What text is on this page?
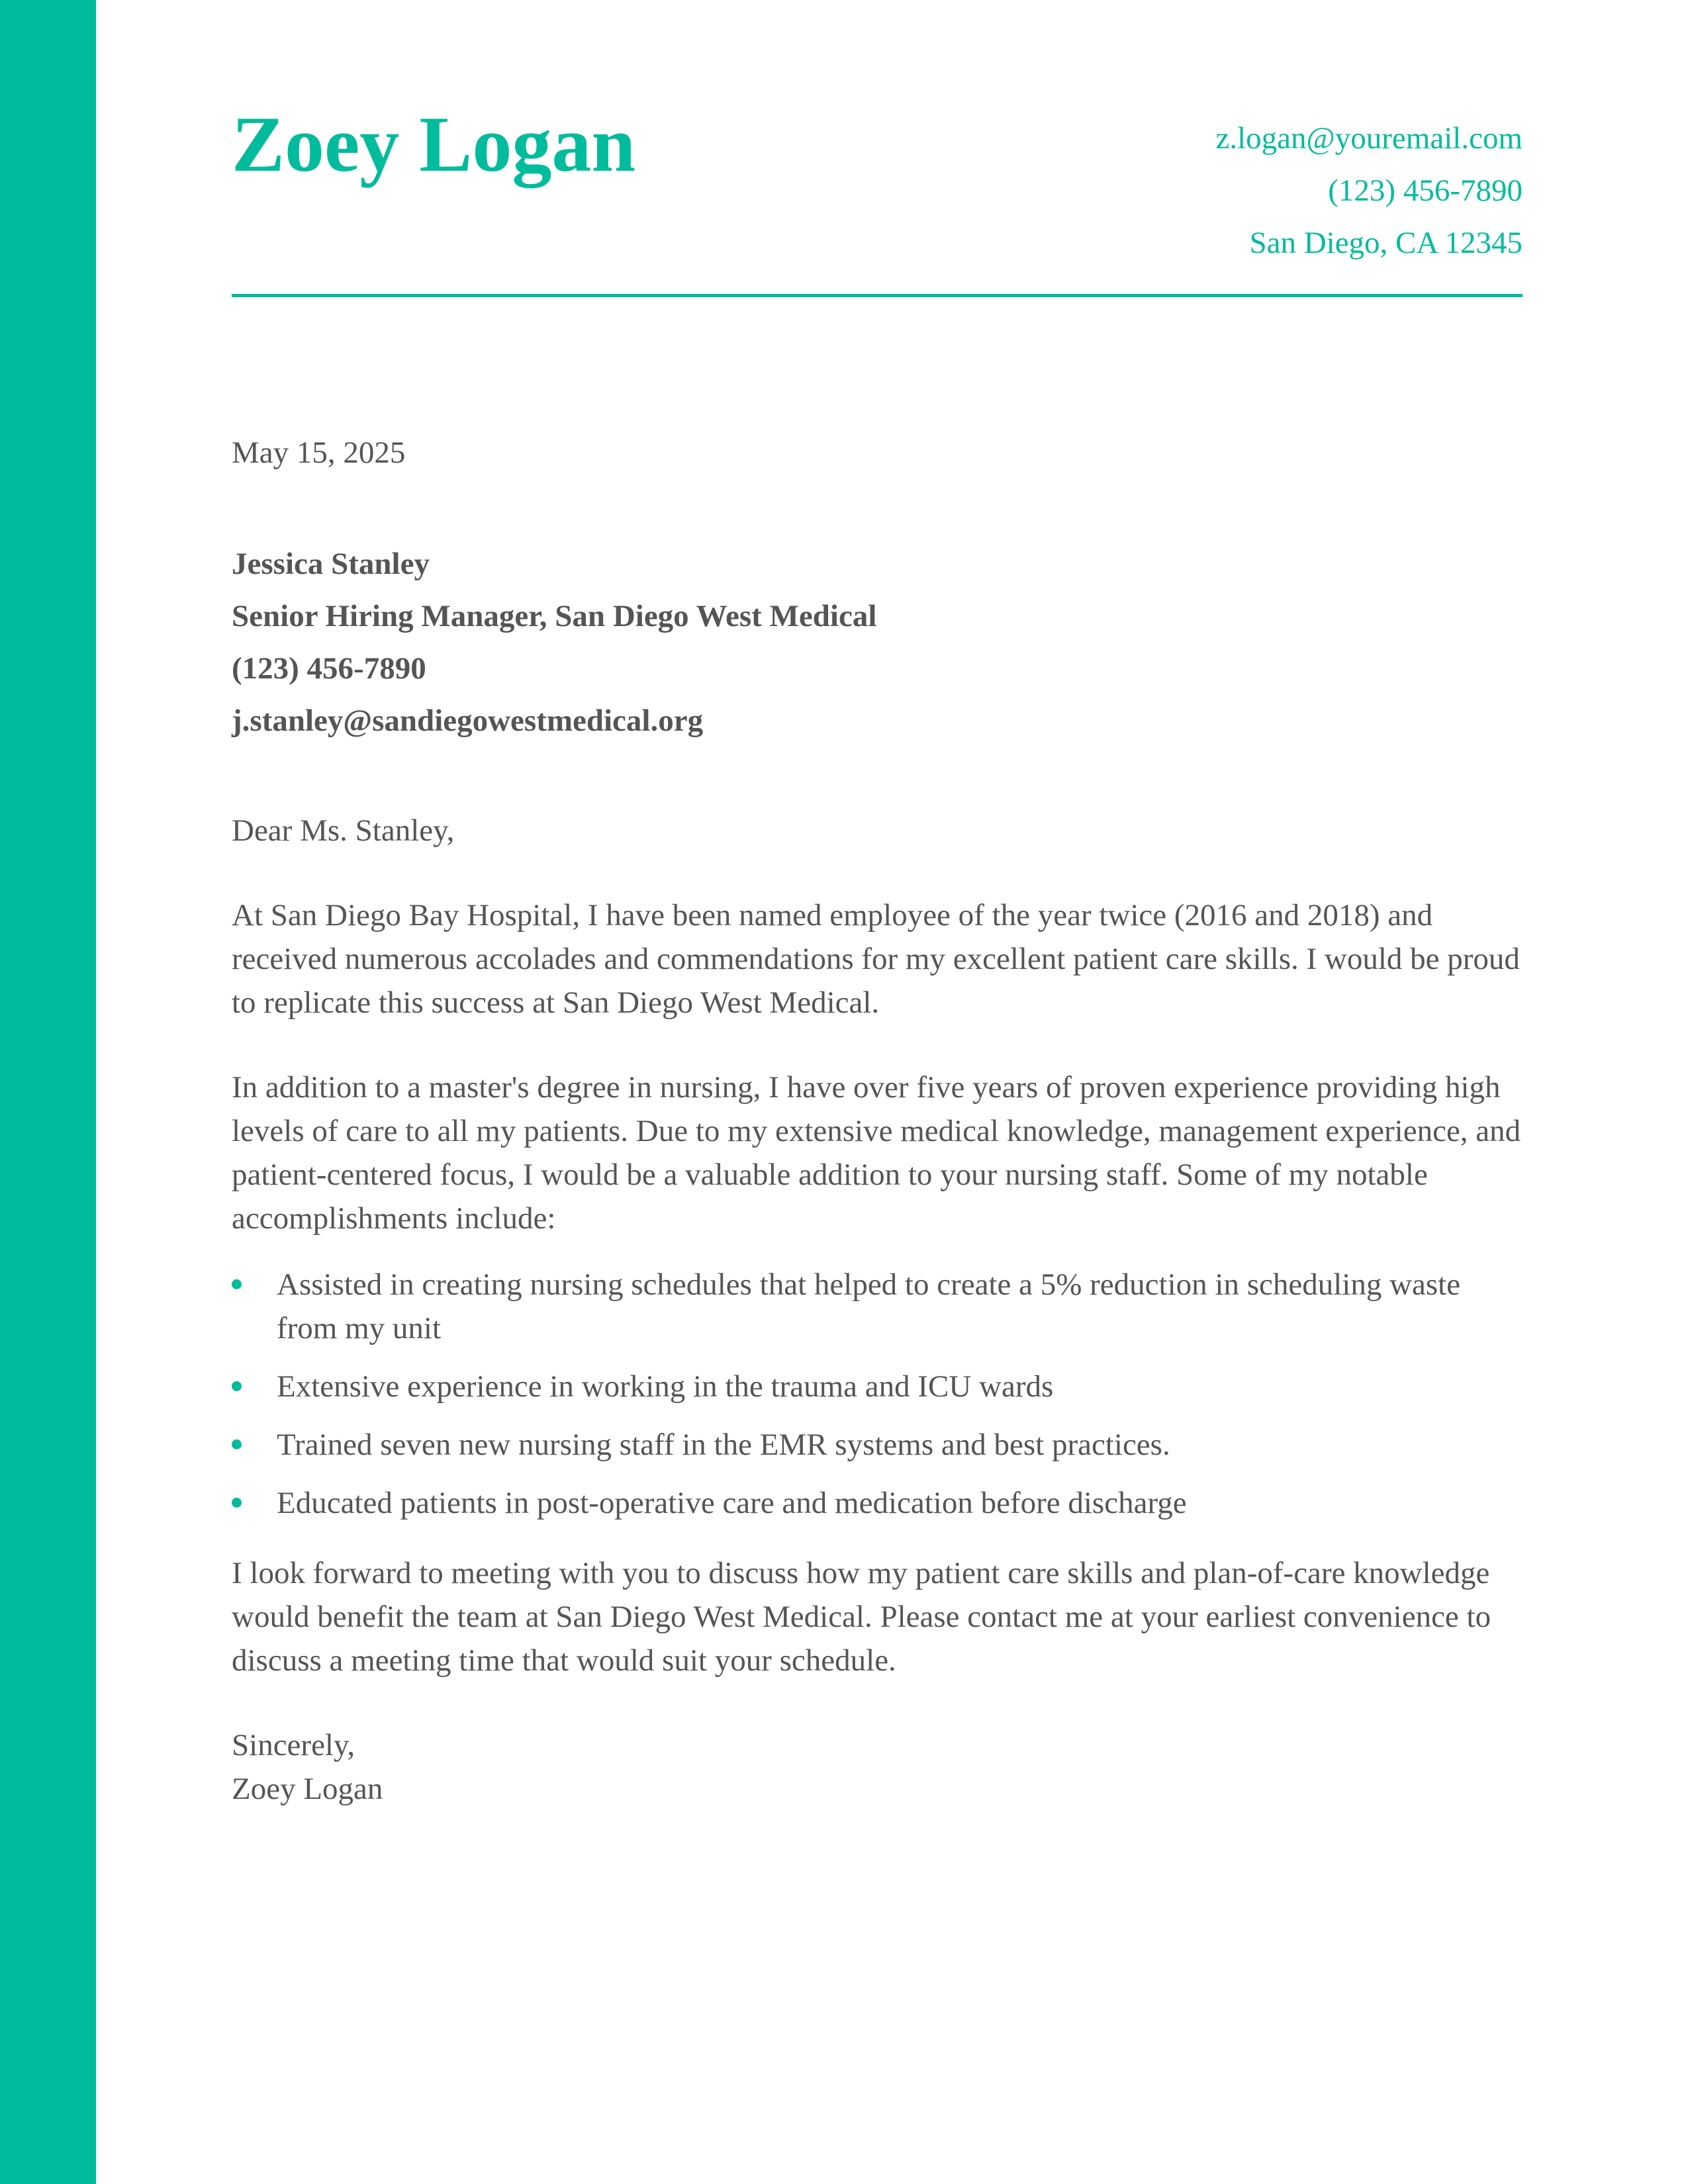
Zoey Logan	z.logan@youremail.com
(123) 456-7890
San Diego, CA 12345
May 15, 2025
Jessica Stanley
Senior Hiring Manager, San Diego West Medical
(123) 456-7890
j.stanley@sandiegowestmedical.org
Dear Ms. Stanley,

At San Diego Bay Hospital, I have been named employee of the year twice (2016 and 2018) and received numerous accolades and commendations for my excellent patient care skills. I would be proud to replicate this success at San Diego West Medical.

In addition to a master's degree in nursing, I have over five years of proven experience providing high levels of care to all my patients. Due to my extensive medical knowledge, management experience, and patient-centered focus, I would be a valuable addition to your nursing staff. Some of my notable accomplishments include:

Assisted in creating nursing schedules that helped to create a 5% reduction in scheduling waste from my unit
Extensive experience in working in the trauma and ICU wards
Trained seven new nursing staff in the EMR systems and best practices.
Educated patients in post-operative care and medication before discharge

I look forward to meeting with you to discuss how my patient care skills and plan-of-care knowledge would benefit the team at San Diego West Medical. Please contact me at your earliest convenience to discuss a meeting time that would suit your schedule.

Sincerely,
Zoey Logan
